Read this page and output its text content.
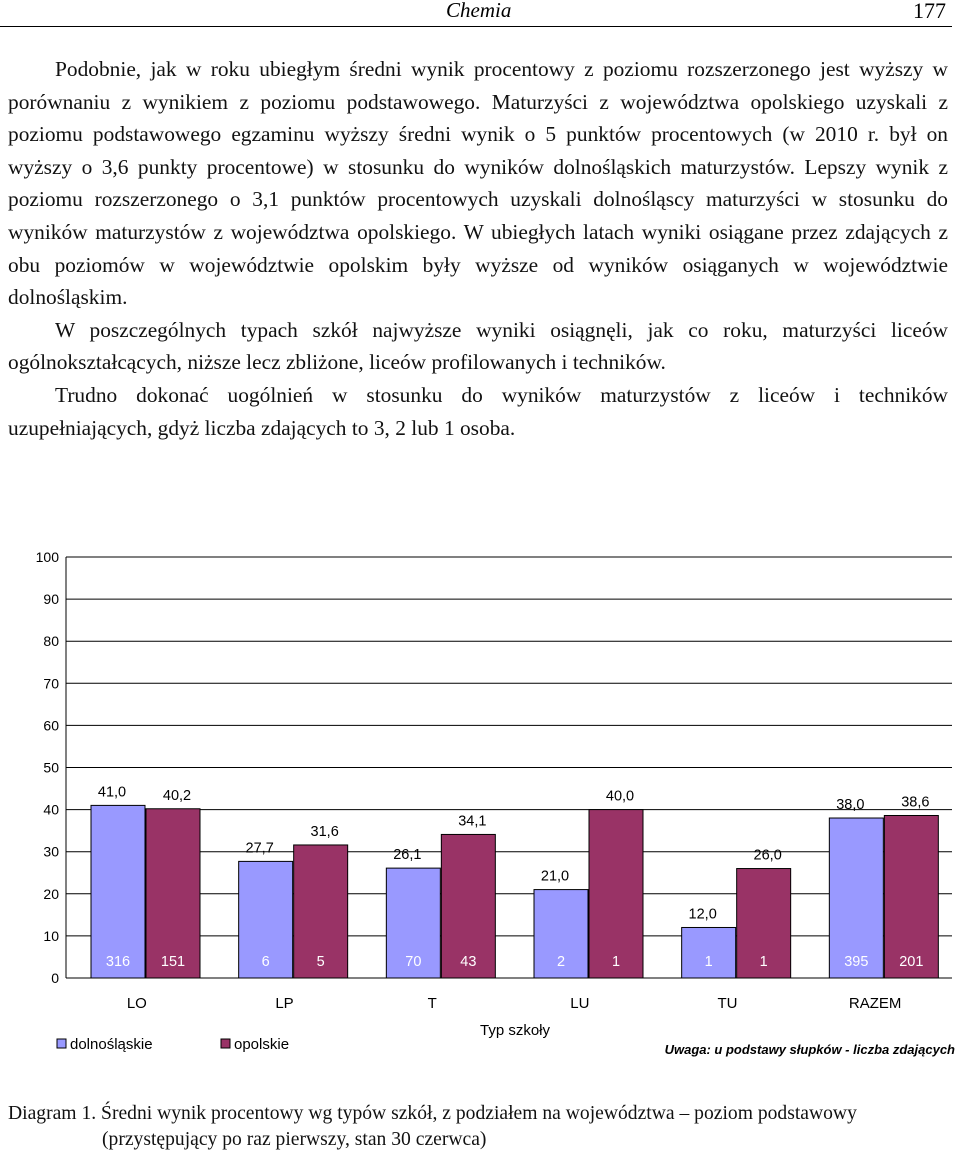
Chemia	177

Podobnie, jak w roku ubiegłym średni wynik procentowy z poziomu rozszerzonego jest wyższy w porównaniu z wynikiem z poziomu podstawowego. Maturzyści z województwa opolskiego uzyskali z poziomu podstawowego egzaminu wyższy średni wynik o 5 punktów procentowych (w 2010 r. był on wyższy o 3,6 punkty procentowe) w stosunku do wyników dolnośląskich maturzystów. Lepszy wynik z poziomu rozszerzonego o 3,1 punktów procentowych uzyskali dolnośląscy maturzyści w stosunku do wyników maturzystów z województwa opolskiego. W ubiegłych latach wyniki osiągane przez zdających z obu poziomów w województwie opolskim były wyższe od wyników osiąganych w województwie dolnośląskim.

W poszczególnych typach szkół najwyższe wyniki osiągnęli, jak co roku, maturzyści liceów ogólnokształcących, niższe lecz zbliżone, liceów profilowanych i techników.

Trudno dokonać uogólnień w stosunku do wyników maturzystów z liceów i techników uzupełniających, gdyż liczba zdających to 3, 2 lub 1 osoba.

0
10
20
30
40
50
60
70
80
90
100
41,0
316
40,2
151
LO
27,7
6
31,6
5
LP
26,1
70
34,1
43
T
21,0
2
40,0
1
LU
12,0
1
26,0
1
TU
38,0
395
38,6
201
RAZEM
Typ szkoły
dolnośląskie	opolskie	Uwaga: u podstawy słupków - liczba zdających
Diagram 1. Średni wynik procentowy wg typów szkół, z podziałem na województwa – poziom podstawowy
(przystępujący po raz pierwszy, stan 30 czerwca)
